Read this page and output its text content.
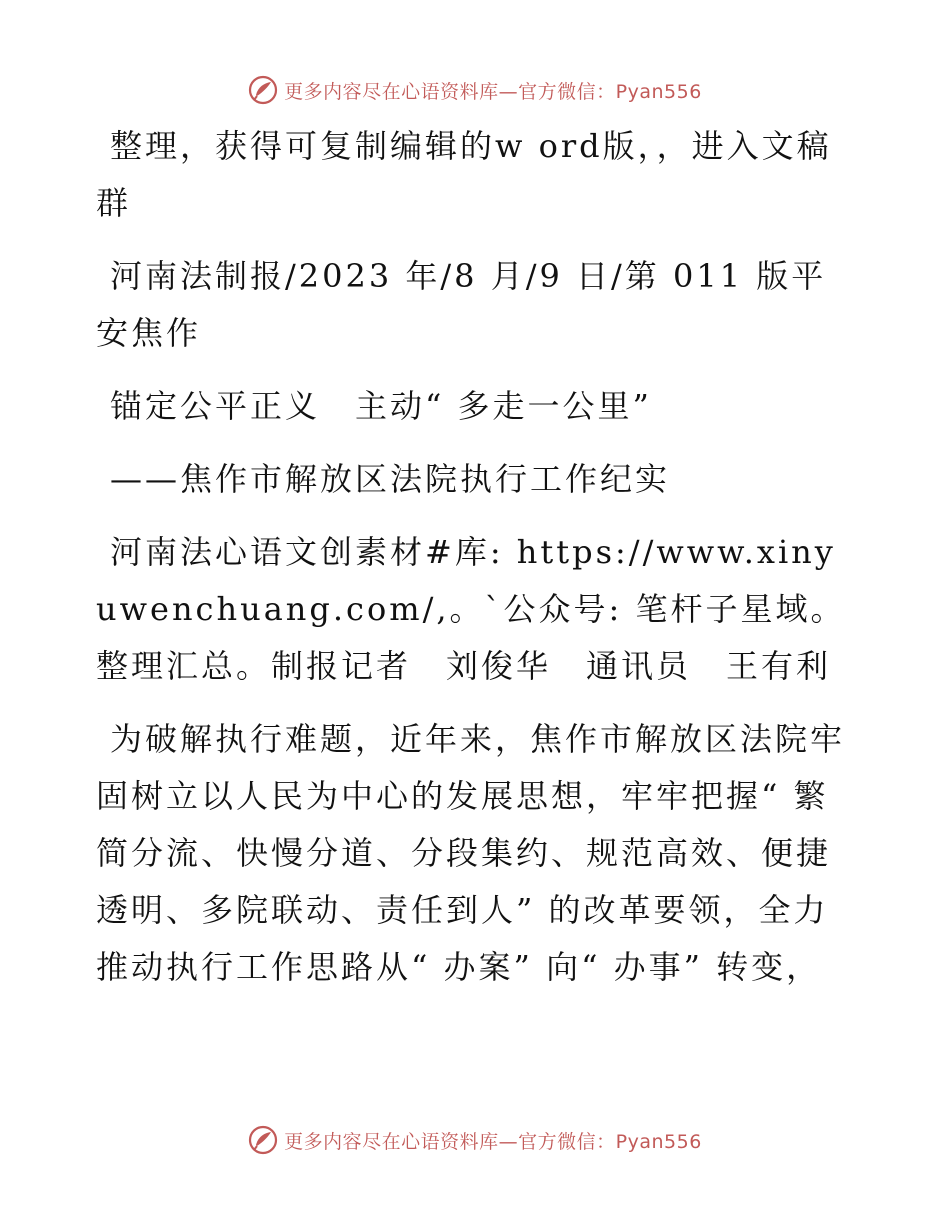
更多内容尽在心语资料库—官方微信：Pyan556

整理，获得可复制编辑的w ord版，，进入文稿群

河南法制报/2023 年/8 月/9 日/第 011 版平安焦作

锚定公平正义　主动“ 多走一公里”

——焦作市解放区法院执行工作纪实

河南法心语文创素材#库: https://www.xinyuwenchuang.com/,。`公众号: 笔杆子星域。整理汇总。制报记者　刘俊华　通讯员　王有利

为破解执行难题，近年来，焦作市解放区法院牢固树立以人民为中心的发展思想，牢牢把握“ 繁简分流、快慢分道、分段集约、规范高效、便捷透明、多院联动、责任到人” 的改革要领，全力推动执行工作思路从“ 办案” 向“ 办事” 转变，

更多内容尽在心语资料库—官方微信：Pyan556
